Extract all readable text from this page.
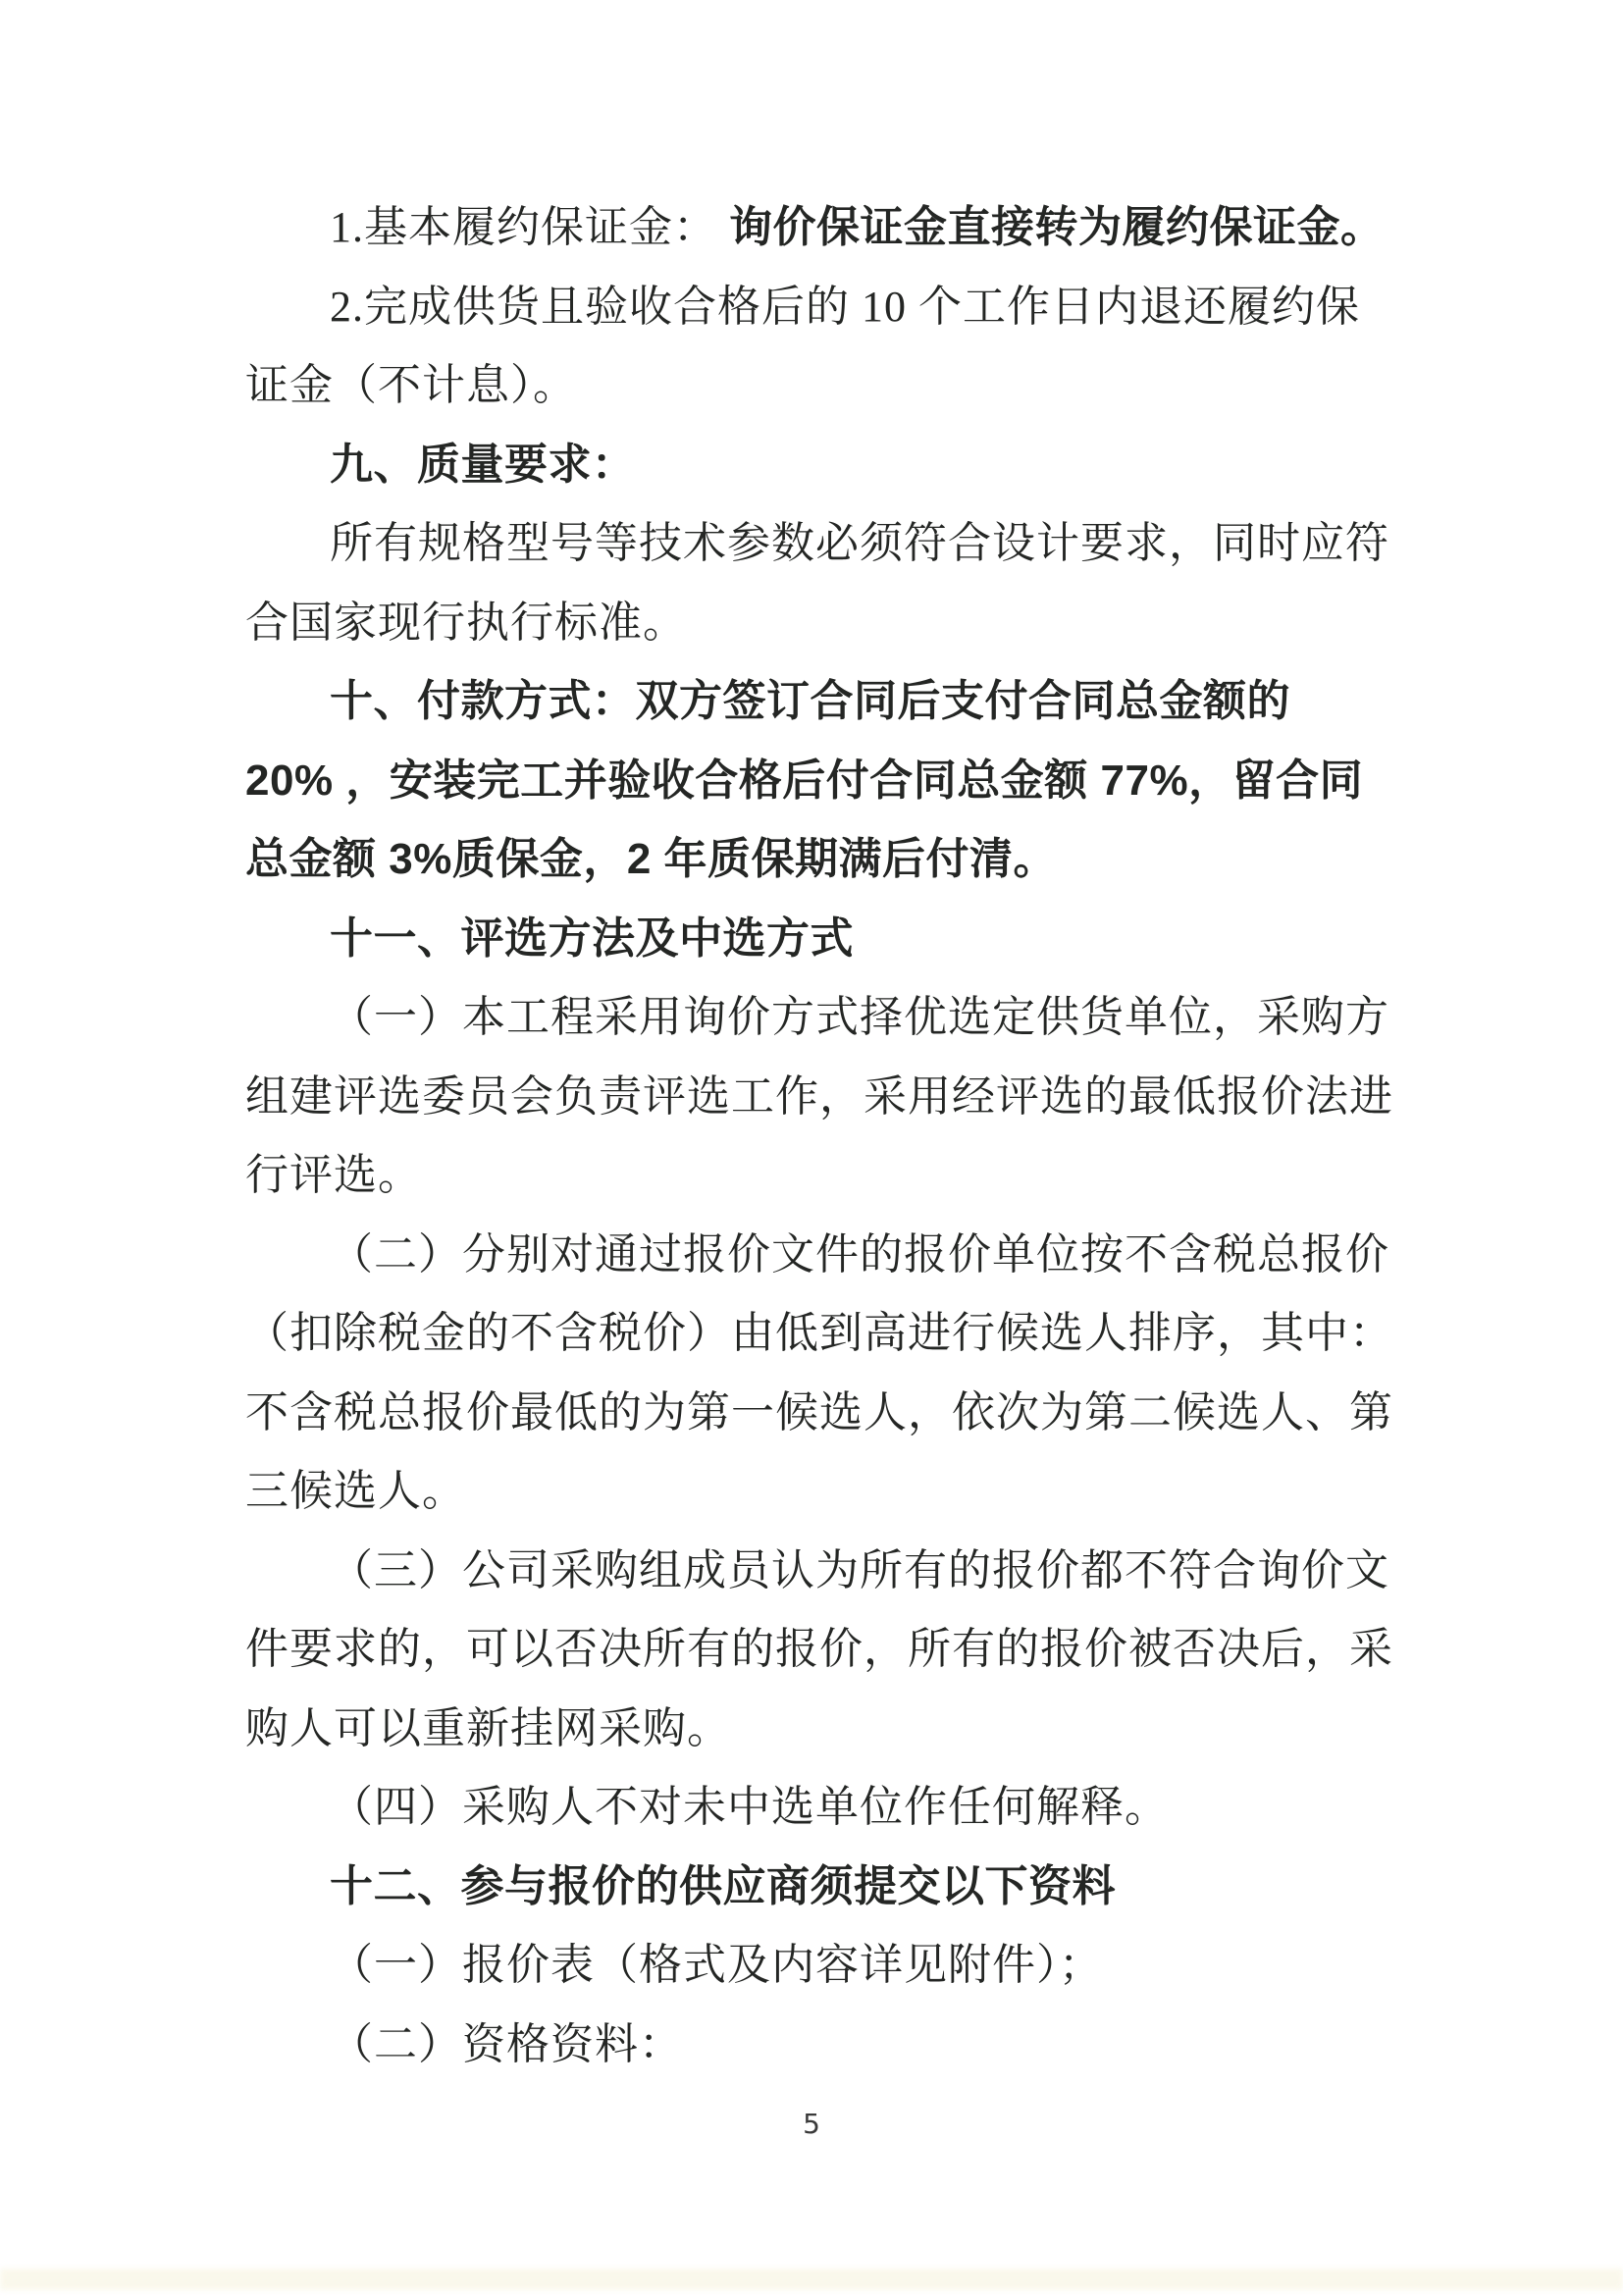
1.基本履约保证金： 询价保证金直接转为履约保证金。
2.完成供货且验收合格后的 10 个工作日内退还履约保
证金（不计息）。
九、质量要求：
所有规格型号等技术参数必须符合设计要求，同时应符
合国家现行执行标准。
十、付款方式：双方签订合同后支付合同总金额的
20% ，安装完工并验收合格后付合同总金额 77%，留合同
总金额 3%质保金，2 年质保期满后付清。
十一、评选方法及中选方式
（一）本工程采用询价方式择优选定供货单位，采购方
组建评选委员会负责评选工作，采用经评选的最低报价法进
行评选。
（二）分别对通过报价文件的报价单位按不含税总报价
（扣除税金的不含税价）由低到高进行候选人排序，其中：
不含税总报价最低的为第一候选人，依次为第二候选人、第
三候选人。
（三）公司采购组成员认为所有的报价都不符合询价文
件要求的，可以否决所有的报价，所有的报价被否决后，采
购人可以重新挂网采购。
（四）采购人不对未中选单位作任何解释。
十二、参与报价的供应商须提交以下资料
（一）报价表（格式及内容详见附件）；
（二）资格资料：
5
